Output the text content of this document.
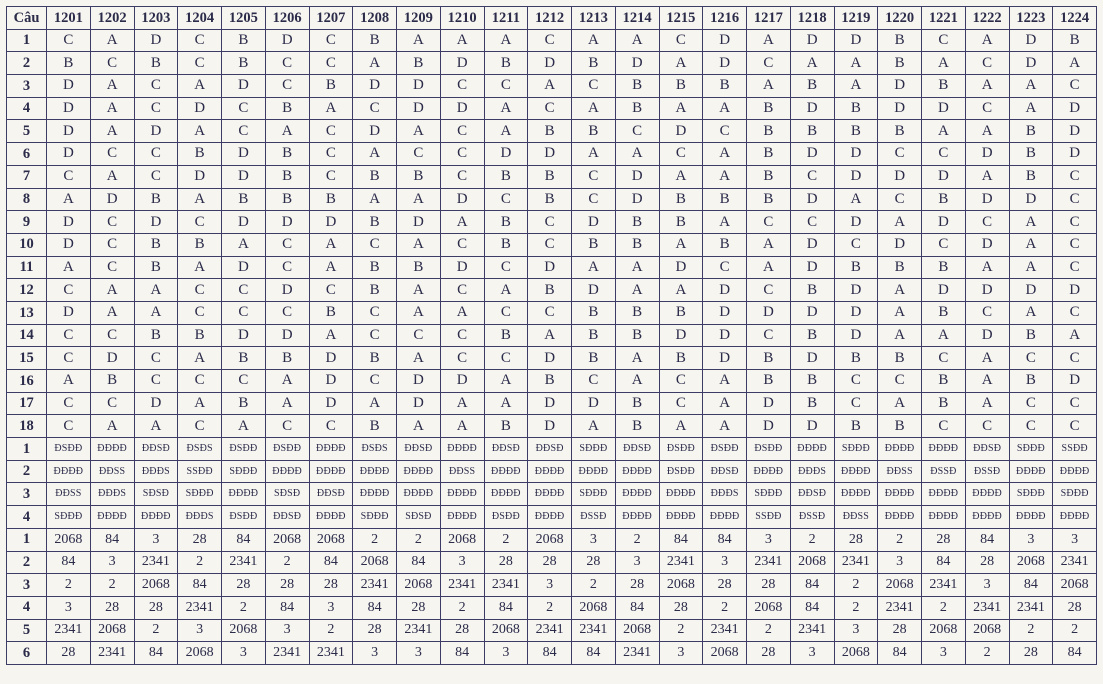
Câu	1201	1202	1203	1204	1205	1206	1207	1208	1209	1210	1211	1212	1213	1214	1215	1216	1217	1218	1219	1220	1221	1222	1223	1224
1	C	A	D	C	B	D	C	B	A	A	A	C	A	A	C	D	A	D	D	B	C	A	D	B
2	B	C	B	C	B	C	C	A	B	D	B	D	B	D	A	D	C	A	A	B	A	C	D	A
3	D	A	C	A	D	C	B	D	D	C	C	A	C	B	B	B	A	B	A	D	B	A	A	C
4	D	A	C	D	C	B	A	C	D	D	A	C	A	B	A	A	B	D	B	D	D	C	A	D
5	D	A	D	A	C	A	C	D	A	C	A	B	B	C	D	C	B	B	B	B	A	A	B	D
6	D	C	C	B	D	B	C	A	C	C	D	D	A	A	C	A	B	D	D	C	C	D	B	D
7	C	A	C	D	D	B	C	B	B	C	B	B	C	D	A	A	B	C	D	D	D	A	B	C
8	A	D	B	A	B	B	B	A	A	D	C	B	C	D	B	B	B	D	A	C	B	D	D	C
9	D	C	D	C	D	D	D	B	D	A	B	C	D	B	B	A	C	C	D	A	D	C	A	C
10	D	C	B	B	A	C	A	C	A	C	B	C	B	B	A	B	A	D	C	D	C	D	A	C
11	A	C	B	A	D	C	A	B	B	D	C	D	A	A	D	C	A	D	B	B	B	A	A	C
12	C	A	A	C	C	D	C	B	A	C	A	B	D	A	A	D	C	B	D	A	D	D	D	D
13	D	A	A	C	C	C	B	C	A	A	C	C	B	B	B	D	D	D	D	A	B	C	A	C
14	C	C	B	B	D	D	A	C	C	C	B	A	B	B	D	D	C	B	D	A	A	D	B	A
15	C	D	C	A	B	B	D	B	A	C	C	D	B	A	B	D	B	D	B	B	C	A	C	C
16	A	B	C	C	C	A	D	C	D	D	A	B	C	A	C	A	B	B	C	C	B	A	B	D
17	C	C	D	A	B	A	D	A	D	A	A	D	D	B	C	A	D	B	C	A	B	A	C	C
18	C	A	A	C	A	C	C	B	A	A	B	D	A	B	A	A	D	D	B	B	C	C	C	C
1	ĐSĐĐ	ĐĐĐĐ	ĐĐSĐ	ĐSĐS	ĐSĐĐ	ĐSĐĐ	ĐĐĐĐ	ĐSĐS	ĐĐSĐ	ĐĐĐĐ	ĐĐSĐ	ĐĐSĐ	SĐĐĐ	ĐĐSĐ	ĐSĐĐ	ĐSĐĐ	ĐSĐĐ	ĐĐĐĐ	SĐĐĐ	ĐĐĐĐ	ĐĐĐĐ	ĐĐSĐ	SĐĐĐ	SSĐĐ
2	ĐĐĐĐ	ĐĐSS	ĐĐĐS	SSĐĐ	SĐĐĐ	ĐĐĐĐ	ĐĐĐĐ	ĐĐĐĐ	ĐĐĐĐ	ĐĐSS	ĐĐĐĐ	ĐĐĐĐ	ĐĐĐĐ	ĐĐĐĐ	ĐSĐĐ	ĐĐSĐ	ĐĐĐĐ	ĐĐĐS	ĐĐĐĐ	ĐĐSS	ĐSSĐ	ĐSSĐ	ĐĐĐĐ	ĐĐĐĐ
3	ĐĐSS	ĐĐĐS	SĐSĐ	SĐĐĐ	ĐĐĐĐ	SĐSĐ	ĐĐSĐ	ĐĐĐĐ	ĐĐĐĐ	ĐĐĐĐ	ĐĐĐĐ	ĐĐĐĐ	SĐĐĐ	ĐĐĐĐ	ĐĐĐĐ	ĐĐĐS	SĐĐĐ	ĐĐSĐ	ĐĐĐĐ	ĐĐĐĐ	ĐĐĐĐ	ĐĐĐĐ	SĐĐĐ	SĐĐĐ
4	SĐĐĐ	ĐĐĐĐ	ĐĐĐĐ	ĐĐĐS	ĐSĐĐ	ĐĐSĐ	ĐĐĐĐ	SĐĐĐ	SĐSĐ	ĐĐĐĐ	ĐSĐĐ	ĐĐĐĐ	ĐSSĐ	ĐĐĐĐ	ĐĐĐĐ	ĐĐĐĐ	SSĐĐ	ĐSSĐ	ĐĐSS	ĐĐĐĐ	ĐĐĐĐ	ĐĐĐĐ	ĐĐĐĐ	ĐĐĐĐ
1	2068	84	3	28	84	2068	2068	2	2	2068	2	2068	3	2	84	84	3	2	28	2	28	84	3	3
2	84	3	2341	2	2341	2	84	2068	84	3	28	28	28	3	2341	3	2341	2068	2341	3	84	28	2068	2341
3	2	2	2068	84	28	28	28	2341	2068	2341	2341	3	2	28	2068	28	28	84	2	2068	2341	3	84	2068
4	3	28	28	2341	2	84	3	84	28	2	84	2	2068	84	28	2	2068	84	2	2341	2	2341	2341	28
5	2341	2068	2	3	2068	3	2	28	2341	28	2068	2341	2341	2068	2	2341	2	2341	3	28	2068	2068	2	2
6	28	2341	84	2068	3	2341	2341	3	3	84	3	84	84	2341	3	2068	28	3	2068	84	3	2	28	84
